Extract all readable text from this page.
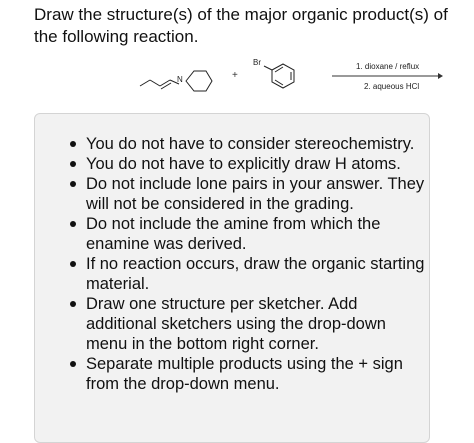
Draw the structure(s) of the major organic product(s) of the following reaction.
N	+
Br	1. dioxane / reflux
2. aqueous HCl
You do not have to consider stereochemistry.
You do not have to explicitly draw H atoms.
Do not include lone pairs in your answer. They will not be considered in the grading.
Do not include the amine from which the enamine was derived.
If no reaction occurs, draw the organic starting material.
Draw one structure per sketcher. Add additional sketchers using the drop-down menu in the bottom right corner.
Separate multiple products using the + sign from the drop-down menu.
